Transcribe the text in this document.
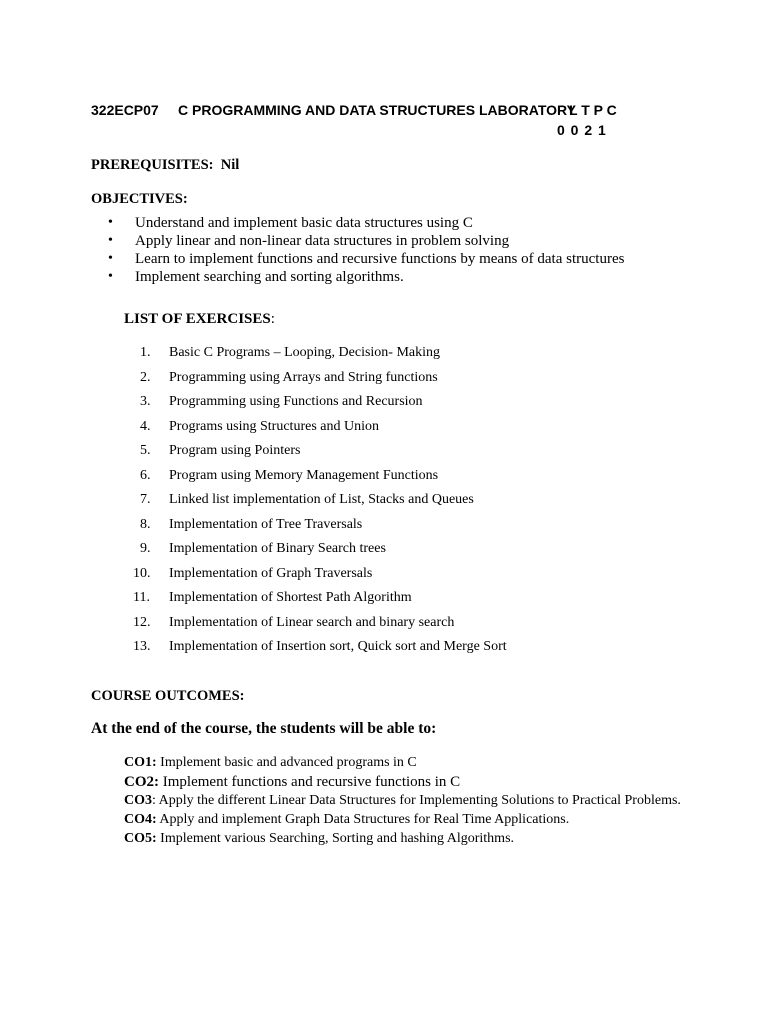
322ECP07 C PROGRAMMING AND DATA STRUCTURES LABORATORY
L T P C
0 0 2 1
PREREQUISITES: Nil
OBJECTIVES:
• Understand and implement basic data structures using C
• Apply linear and non-linear data structures in problem solving
• Learn to implement functions and recursive functions by means of data structures
• Implement searching and sorting algorithms.
LIST OF EXERCISES:
1.	Basic C Programs – Looping, Decision- Making
2.	Programming using Arrays and String functions
3.	Programming using Functions and Recursion
4.	Programs using Structures and Union
5.	Program using Pointers
6.	Program using Memory Management Functions
7.	Linked list implementation of List, Stacks and Queues
8.	Implementation of Tree Traversals
9.	Implementation of Binary Search trees
10.	Implementation of Graph Traversals
11.	Implementation of Shortest Path Algorithm
12.	Implementation of Linear search and binary search
13.	Implementation of Insertion sort, Quick sort and Merge Sort
COURSE OUTCOMES:
At the end of the course, the students will be able to:
CO1: Implement basic and advanced programs in C
CO2: Implement functions and recursive functions in C
CO3: Apply the different Linear Data Structures for Implementing Solutions to Practical Problems.
CO4: Apply and implement Graph Data Structures for Real Time Applications.
CO5: Implement various Searching, Sorting and hashing Algorithms.
